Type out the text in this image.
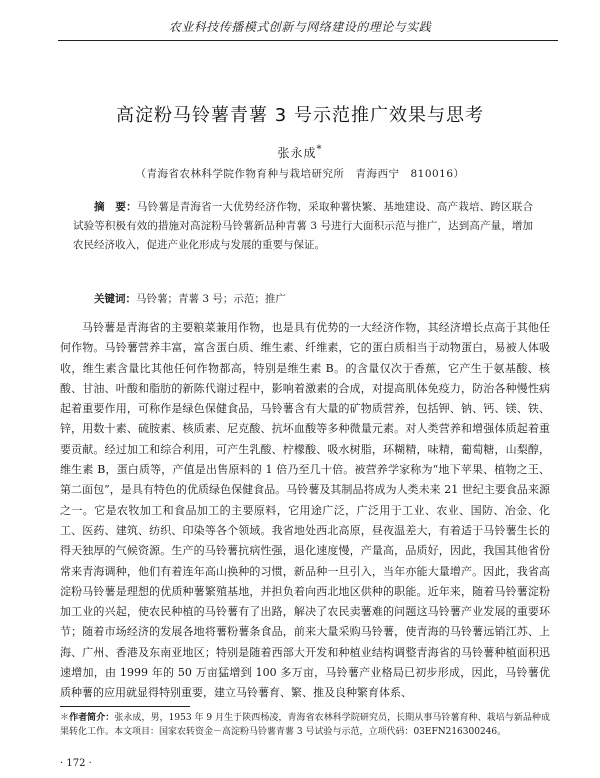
农业科技传播模式创新与网络建设的理论与实践
高淀粉马铃薯青薯 3 号示范推广效果与思考
张永成*
（青海省农林科学院作物育种与栽培研究所　青海西宁　810016）
摘　要：马铃薯是青海省一大优势经济作物，采取种薯快繁、基地建设、高产栽培、跨区联合试验等积极有效的措施对高淀粉马铃薯新品种青薯 3 号进行大面积示范与推广，达到高产量，增加农民经济收入，促进产业化形成与发展的重要与保证。
关键词：马铃薯；青薯 3 号；示范；推广
马铃薯是青海省的主要粮菜兼用作物，也是具有优势的一大经济作物，其经济增长点高于其他任何作物。马铃薯营养丰富，富含蛋白质、维生素、纤维素，它的蛋白质相当于动物蛋白，易被人体吸收，维生素含量比其他任何作物都高，特别是维生素 B。的含量仅次于香蕉，它产生于氨基酸、核酸、甘油、叶酸和脂肪的新陈代谢过程中，影响着激素的合成，对提高肌体免疫力，防治各种慢性病起着重要作用，可称作是绿色保健食品，马铃薯含有大量的矿物质营养，包括钾、钠、钙、镁、铁、锌，用数十素、硫胺素、核质素、尼克酸、抗坏血酸等多种微量元素。对人类营养和增强体质起着重要贡献。经过加工和综合利用，可产生乳酸、柠檬酸、吸水树脂，环糊精，味精，葡萄糖，山梨醇，维生素 B，蛋白质等，产值是出售原料的 1 倍乃至几十倍。被营养学家称为“地下苹果、植物之王、第二面包”，是具有特色的优质绿色保健食品。马铃薯及其制品将成为人类未来 21 世纪主要食品来源之一。它是农牧加工和食品加工的主要原料，它用途广泛，广泛用于工业、农业、国防、冶金、化工、医药、建筑、纺织、印染等各个领域。我省地处西北高原，昼夜温差大，有着适于马铃薯生长的得天独厚的气候资源。生产的马铃薯抗病性强，退化速度慢，产量高，品质好，因此，我国其他省份常来青海调种，他们有着连年高山换种的习惯，新品种一旦引入，当年亦能大量增产。因此，我省高淀粉马铃薯是理想的优质种薯繁殖基地，并担负着向西北地区供种的职能。近年来，随着马铃薯淀粉加工业的兴起，使农民种植的马铃薯有了出路，解决了农民卖薯难的问题这马铃薯产业发展的重要环节；随着市场经济的发展各地将薯粉薯条食品，前来大量采购马铃薯，使青海的马铃薯远销江苏、上海、广州、香港及东南亚地区；特别是随着西部大开发和种植业结构调整青海省的马铃薯种植面积迅速增加，由 1999 年的 50 万亩猛增到 100 多万亩，马铃薯产业格局已初步形成，因此，马铃薯优质种薯的应用就显得特别重要，建立马铃薯育、繁、推及良种繁育体系、
＊作者简介：张永成，男，1953 年 9 月生于陕西杨凌，青海省农林科学院研究员，长期从事马铃薯育种、栽培与新品种成果转化工作。本文项目：国家农转资金－高淀粉马铃薯青薯 3 号试验与示范，立项代码：03EFN216300246。
· 172 ·
